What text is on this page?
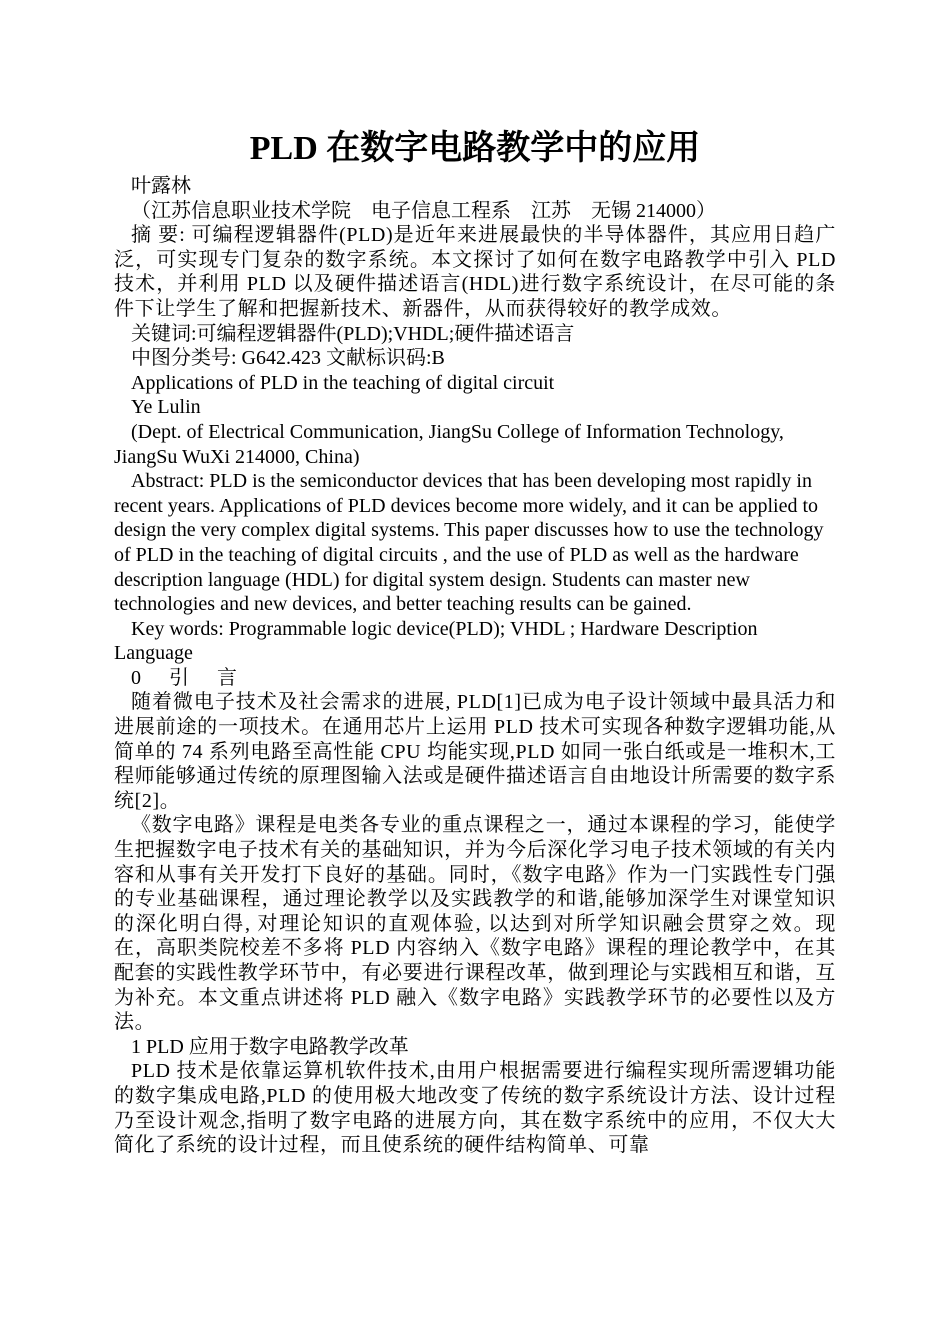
PLD 在数字电路教学中的应用

叶露林

（江苏信息职业技术学院　电子信息工程系　江苏　无锡 214000）

摘 要: 可编程逻辑器件(PLD)是近年来进展最快的半导体器件，其应用日趋广泛，可实现专门复杂的数字系统。本文探讨了如何在数字电路教学中引入 PLD 技术，并利用 PLD 以及硬件描述语言(HDL)进行数字系统设计，在尽可能的条件下让学生了解和把握新技术、新器件，从而获得较好的教学成效。

关键词:可编程逻辑器件(PLD);VHDL;硬件描述语言

中图分类号: G642.423 文献标识码:B

Applications of PLD in the teaching of digital circuit

Ye Lulin

(Dept. of Electrical Communication, JiangSu College of Information Technology, JiangSu WuXi 214000, China)

Abstract: PLD is the semiconductor devices that has been developing most rapidly in recent years. Applications of PLD devices become more widely, and it can be applied to design the very complex digital systems. This paper discusses how to use the technology of PLD in the teaching of digital circuits , and the use of PLD as well as the hardware description language (HDL) for digital system design. Students can master new technologies and new devices, and better teaching results can be gained.

Key words: Programmable logic device(PLD); VHDL ; Hardware Description Language

0　引　言

随着微电子技术及社会需求的进展, PLD[1]已成为电子设计领域中最具活力和进展前途的一项技术。在通用芯片上运用 PLD 技术可实现各种数字逻辑功能,从简单的 74 系列电路至高性能 CPU 均能实现,PLD 如同一张白纸或是一堆积木,工程师能够通过传统的原理图输入法或是硬件描述语言自由地设计所需要的数字系统[2]。

《数字电路》课程是电类各专业的重点课程之一，通过本课程的学习，能使学生把握数字电子技术有关的基础知识，并为今后深化学习电子技术领域的有关内容和从事有关开发打下良好的基础。同时，《数字电路》作为一门实践性专门强的专业基础课程，通过理论教学以及实践教学的和谐,能够加深学生对课堂知识的深化明白得, 对理论知识的直观体验, 以达到对所学知识融会贯穿之效。现在，高职类院校差不多将 PLD 内容纳入《数字电路》课程的理论教学中，在其配套的实践性教学环节中，有必要进行课程改革，做到理论与实践相互和谐，互为补充。本文重点讲述将 PLD 融入《数字电路》实践教学环节的必要性以及方法。

1 PLD 应用于数字电路教学改革

PLD 技术是依靠运算机软件技术,由用户根据需要进行编程实现所需逻辑功能的数字集成电路,PLD 的使用极大地改变了传统的数字系统设计方法、设计过程乃至设计观念,指明了数字电路的进展方向，其在数字系统中的应用，不仅大大简化了系统的设计过程，而且使系统的硬件结构简单、可靠
